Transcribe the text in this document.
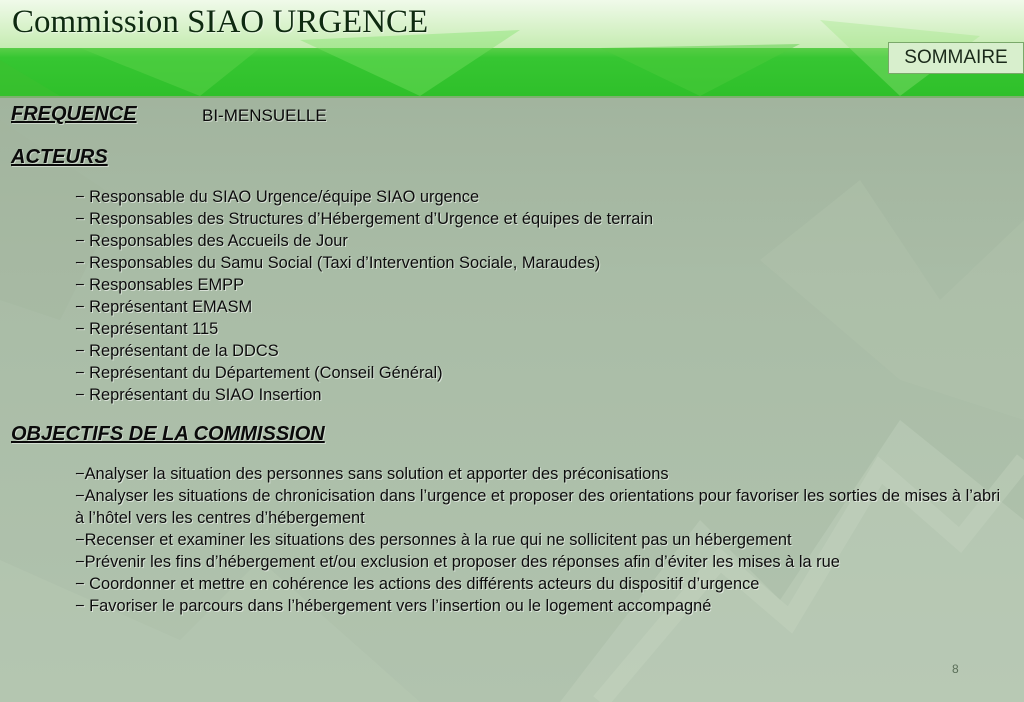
Commission SIAO URGENCE
SOMMAIRE
FREQUENCE	BI-MENSUELLE
ACTEURS
− Responsable du SIAO Urgence/équipe SIAO urgence
− Responsables des Structures d’Hébergement d’Urgence et équipes de terrain
− Responsables des Accueils de Jour
− Responsables du Samu Social (Taxi d’Intervention Sociale, Maraudes)
− Responsables EMPP
− Représentant EMASM
− Représentant 115
− Représentant de la DDCS
− Représentant du Département (Conseil Général)
− Représentant du SIAO Insertion
OBJECTIFS DE LA COMMISSION
−Analyser la situation des personnes sans solution et apporter des préconisations
−Analyser les situations de chronicisation dans l’urgence et proposer des orientations pour favoriser les sorties de mises à l’abri à l’hôtel vers les centres d’hébergement
−Recenser et examiner les situations des personnes à la rue qui ne sollicitent pas un hébergement
−Prévenir les fins d’hébergement et/ou exclusion et proposer des réponses afin d’éviter les mises à la rue
− Coordonner et mettre en cohérence les actions des différents acteurs du dispositif d’urgence
− Favoriser le parcours dans l’hébergement vers l’insertion ou le logement accompagné
8
